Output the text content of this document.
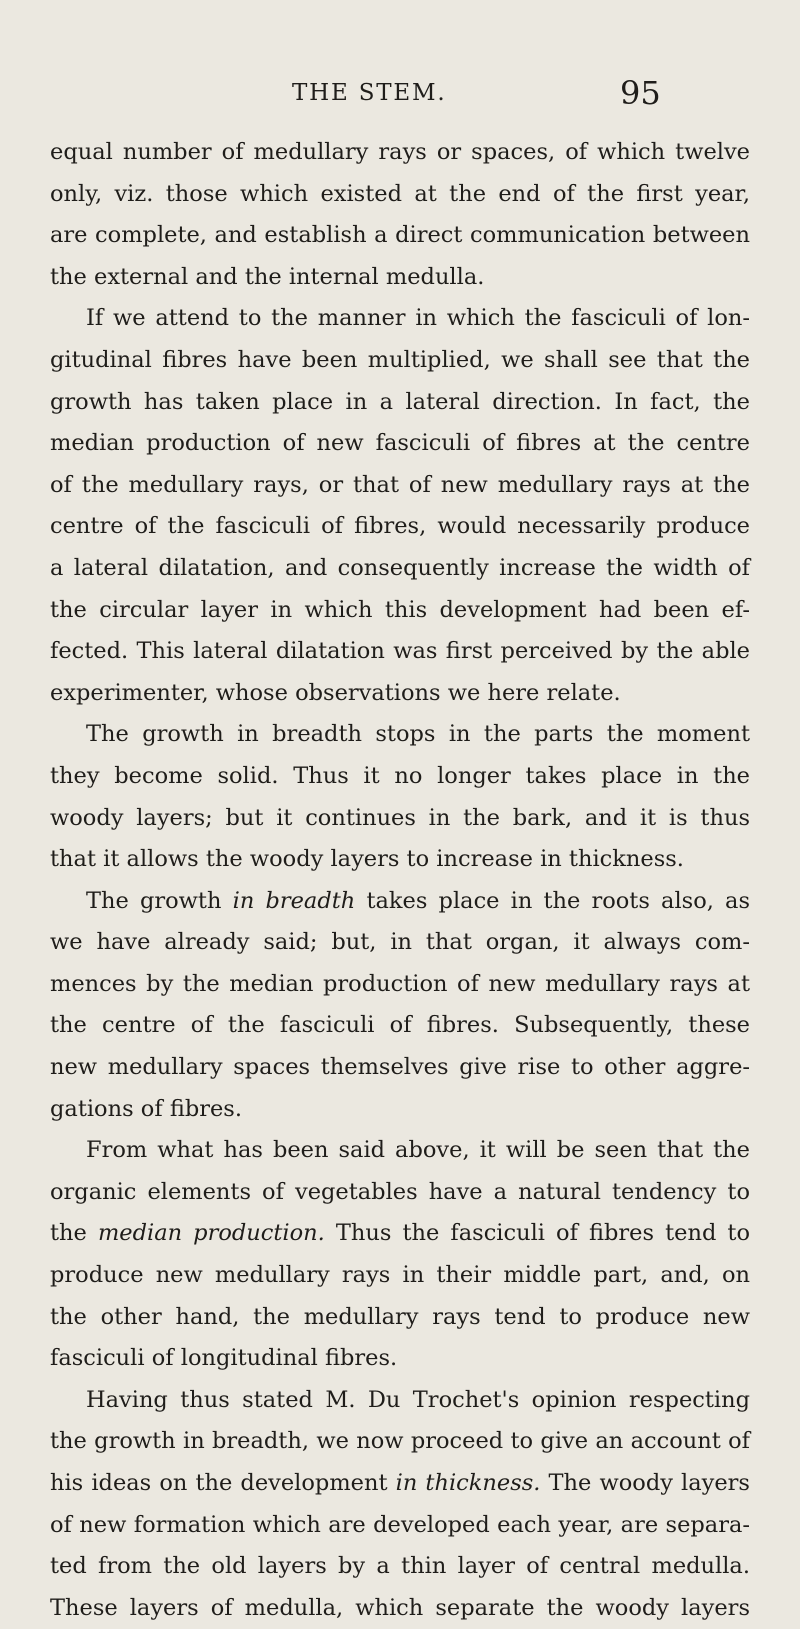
THE STEM.	95
equal number of medullary rays or spaces, of which twelve
only, viz. those which existed at the end of the first year,
are complete, and establish a direct communication between
the external and the internal medulla.
If we attend to the manner in which the fasciculi of lon-
gitudinal fibres have been multiplied, we shall see that the
growth has taken place in a lateral direction. In fact, the
median production of new fasciculi of fibres at the centre
of the medullary rays, or that of new medullary rays at the
centre of the fasciculi of fibres, would necessarily produce
a lateral dilatation, and consequently increase the width of
the circular layer in which this development had been ef-
fected. This lateral dilatation was first perceived by the able
experimenter, whose observations we here relate.
The growth in breadth stops in the parts the moment
they become solid. Thus it no longer takes place in the
woody layers; but it continues in the bark, and it is thus
that it allows the woody layers to increase in thickness.
The growth in breadth takes place in the roots also, as
we have already said; but, in that organ, it always com-
mences by the median production of new medullary rays at
the centre of the fasciculi of fibres. Subsequently, these
new medullary spaces themselves give rise to other aggre-
gations of fibres.
From what has been said above, it will be seen that the
organic elements of vegetables have a natural tendency to
the median production. Thus the fasciculi of fibres tend to
produce new medullary rays in their middle part, and, on
the other hand, the medullary rays tend to produce new
fasciculi of longitudinal fibres.
Having thus stated M. Du Trochet's opinion respecting
the growth in breadth, we now proceed to give an account of
his ideas on the development in thickness. The woody layers
of new formation which are developed each year, are separa-
ted from the old layers by a thin layer of central medulla.
These layers of medulla, which separate the woody layers
